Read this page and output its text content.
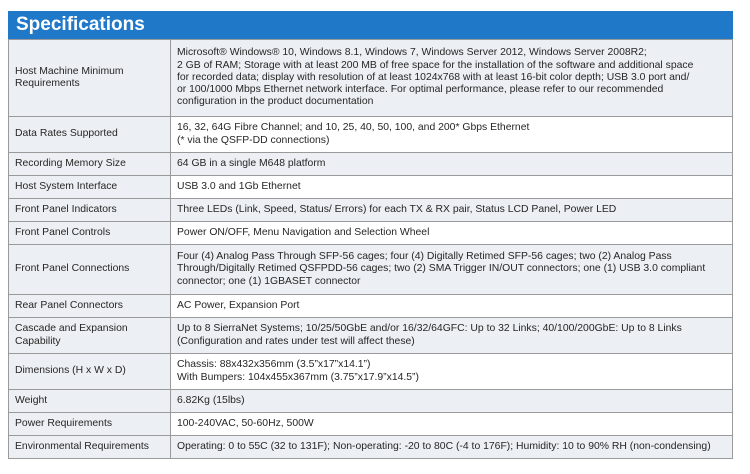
Specifications
Host Machine Minimum Requirements	Microsoft® Windows® 10, Windows 8.1, Windows 7, Windows Server 2012, Windows Server 2008R2;
2 GB of RAM; Storage with at least 200 MB of free space for the installation of the software and additional space
for recorded data; display with resolution of at least 1024x768 with at least 16-bit color depth; USB 3.0 port and/
or 100/1000 Mbps Ethernet network interface. For optimal performance, please refer to our recommended
configuration in the product documentation

Data Rates Supported	16, 32, 64G Fibre Channel; and 10, 25, 40, 50, 100, and 200* Gbps Ethernet
(* via the QSFP-DD connections)

Recording Memory Size	64 GB in a single M648 platform

Host System Interface	USB 3.0 and 1Gb Ethernet

Front Panel Indicators	Three LEDs (Link, Speed, Status/ Errors) for each TX & RX pair, Status LCD Panel, Power LED

Front Panel Controls	Power ON/OFF, Menu Navigation and Selection Wheel

Front Panel Connections	Four (4) Analog Pass Through SFP-56 cages; four (4) Digitally Retimed SFP-56 cages; two (2) Analog Pass
Through/Digitally Retimed QSFPDD-56 cages; two (2) SMA Trigger IN/OUT connectors; one (1) USB 3.0 compliant
connector; one (1) 1GBASET connector

Rear Panel Connectors	AC Power, Expansion Port

Cascade and Expansion Capability	Up to 8 SierraNet Systems; 10/25/50GbE and/or 16/32/64GFC: Up to 32 Links; 40/100/200GbE: Up to 8 Links
(Configuration and rates under test will affect these)

Dimensions (H x W x D)	Chassis: 88x432x356mm (3.5”x17”x14.1”)
With Bumpers: 104x455x367mm (3.75”x17.9”x14.5”)

Weight	6.82Kg (15lbs)

Power Requirements	100-240VAC, 50-60Hz, 500W

Environmental Requirements	Operating: 0 to 55C (32 to 131F); Non-operating: -20 to 80C (-4 to 176F); Humidity: 10 to 90% RH (non-condensing)
